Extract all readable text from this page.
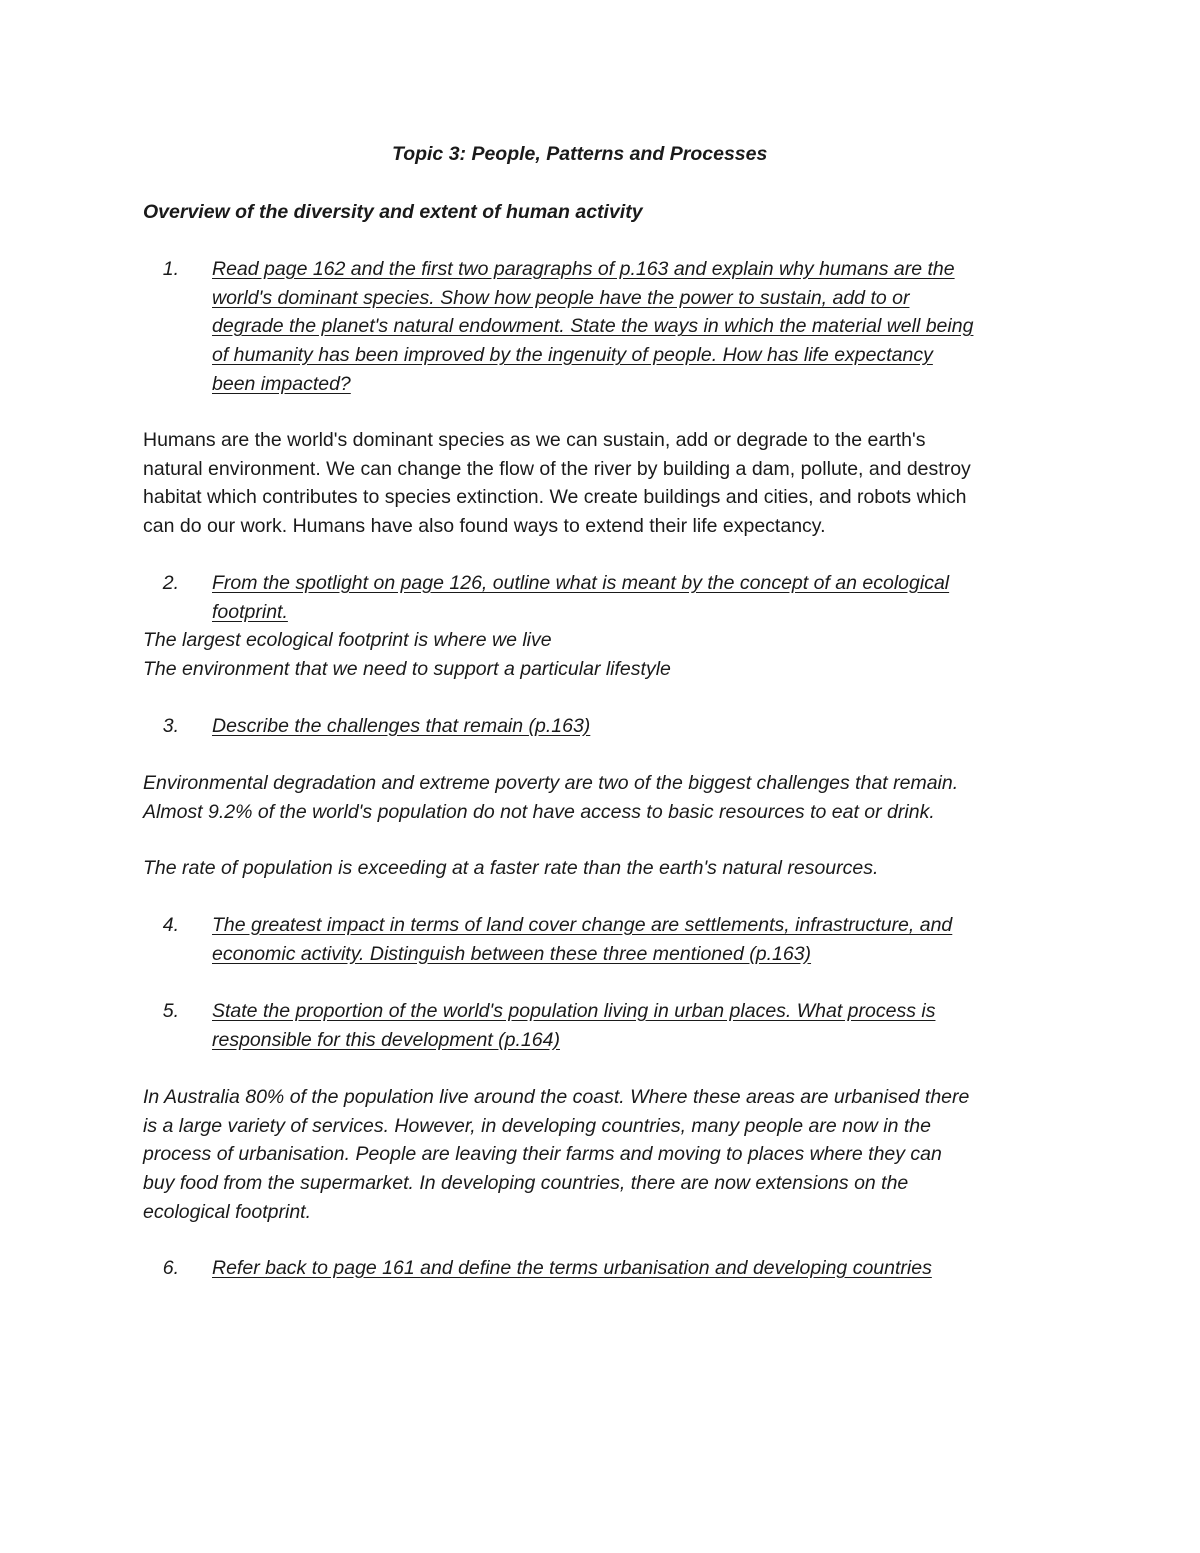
Topic 3: People, Patterns and Processes
Overview of the diversity and extent of human activity
1. Read page 162 and the first two paragraphs of p.163 and explain why humans are the
world's dominant species. Show how people have the power to sustain, add to or
degrade the planet's natural endowment. State the ways in which the material well being
of humanity has been improved by the ingenuity of people. How has life expectancy
been impacted?
Humans are the world's dominant species as we can sustain, add or degrade to the earth's
natural environment. We can change the flow of the river by building a dam, pollute, and destroy
habitat which contributes to species extinction. We create buildings and cities, and robots which
can do our work. Humans have also found ways to extend their life expectancy.
2. From the spotlight on page 126, outline what is meant by the concept of an ecological
footprint.
The largest ecological footprint is where we live
The environment that we need to support a particular lifestyle
3. Describe the challenges that remain (p.163)
Environmental degradation and extreme poverty are two of the biggest challenges that remain.
Almost 9.2% of the world's population do not have access to basic resources to eat or drink.
The rate of population is exceeding at a faster rate than the earth's natural resources.
4. The greatest impact in terms of land cover change are settlements, infrastructure, and
economic activity. Distinguish between these three mentioned (p.163)
5. State the proportion of the world's population living in urban places. What process is
responsible for this development (p.164)
In Australia 80% of the population live around the coast. Where these areas are urbanised there
is a large variety of services. However, in developing countries, many people are now in the
process of urbanisation. People are leaving their farms and moving to places where they can
buy food from the supermarket. In developing countries, there are now extensions on the
ecological footprint.
6. Refer back to page 161 and define the terms urbanisation and developing countries
